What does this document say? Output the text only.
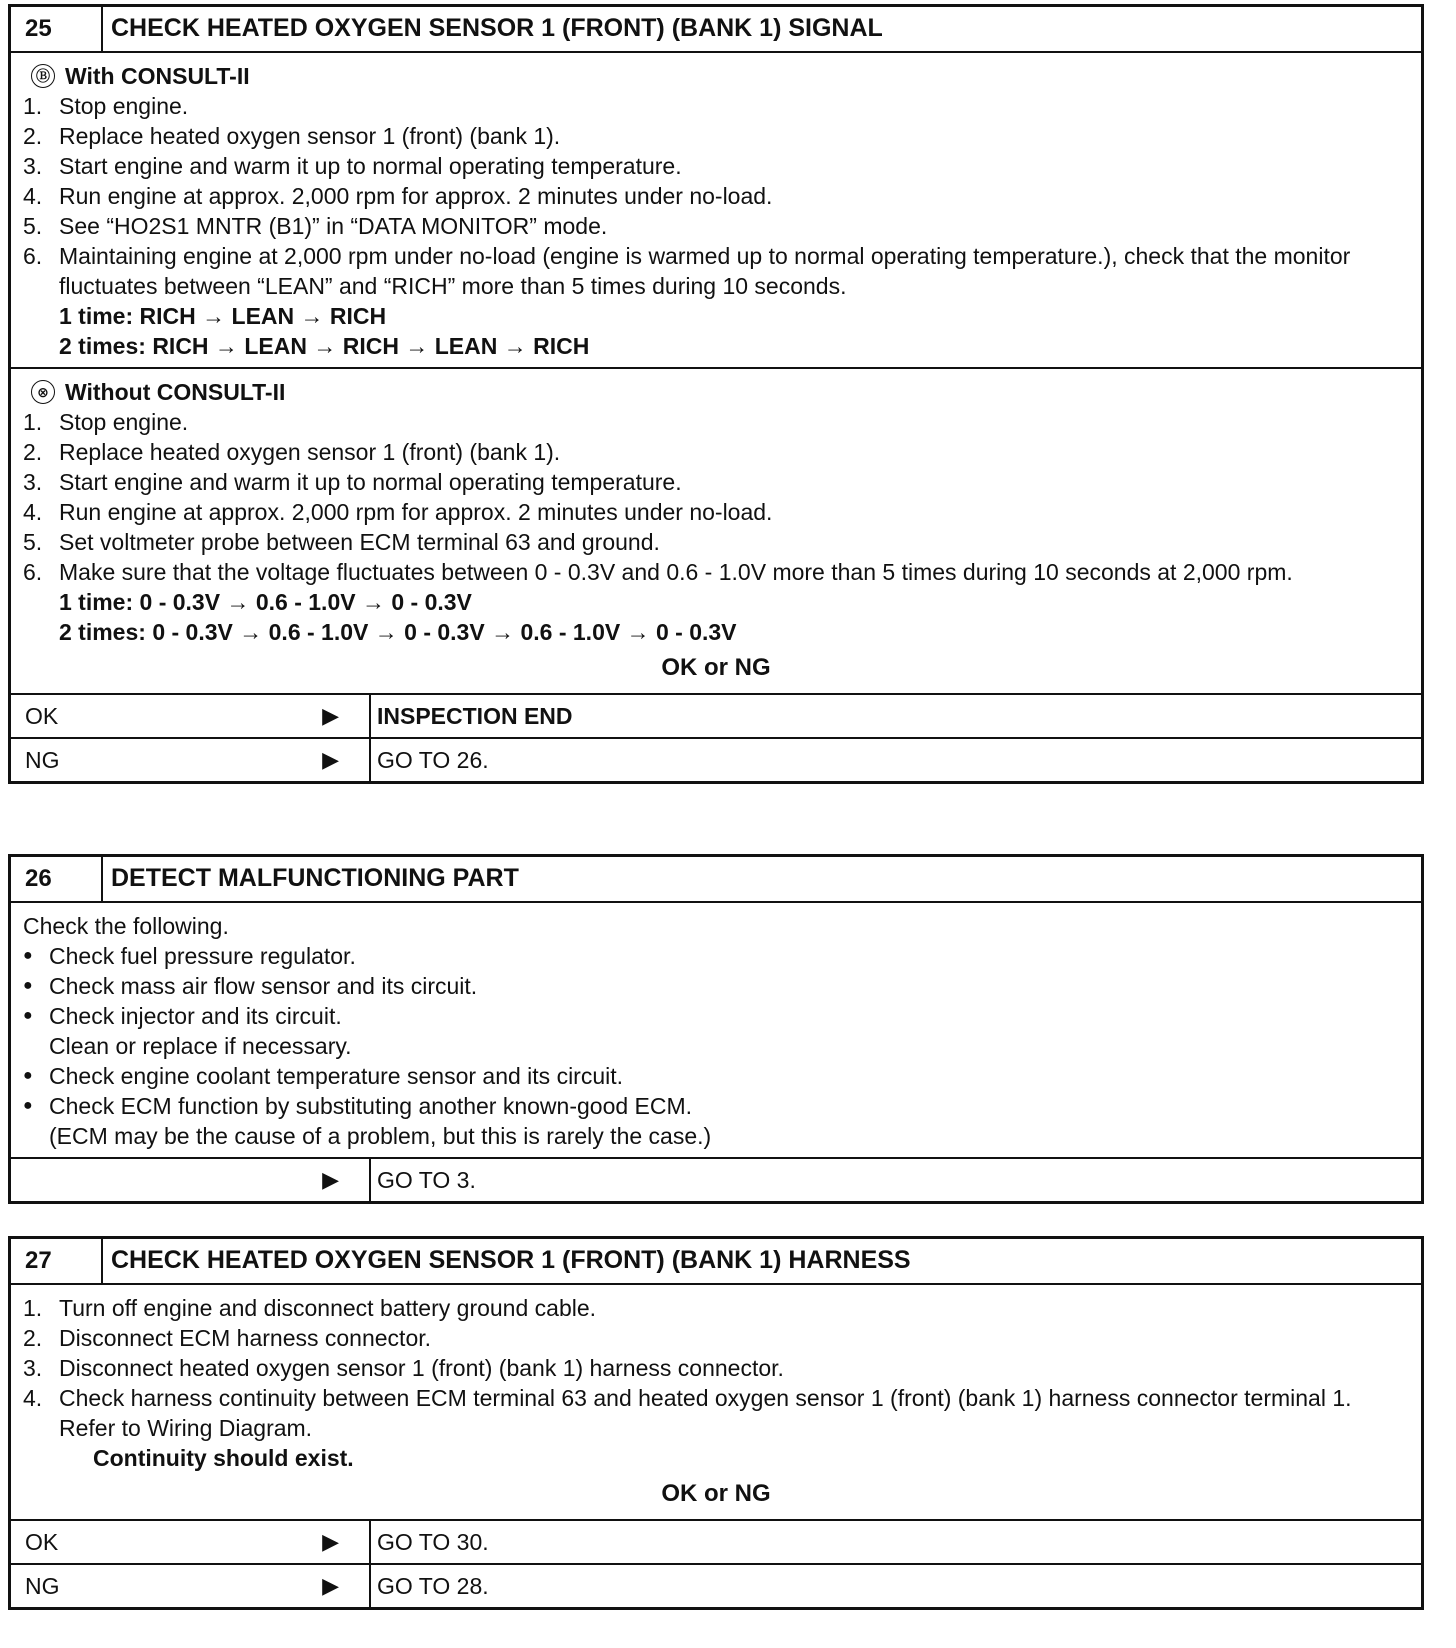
25	CHECK HEATED OXYGEN SENSOR 1 (FRONT) (BANK 1) SIGNAL
Ⓑ With CONSULT-II
1. Stop engine.
2. Replace heated oxygen sensor 1 (front) (bank 1).
3. Start engine and warm it up to normal operating temperature.
4. Run engine at approx. 2,000 rpm for approx. 2 minutes under no-load.
5. See “HO2S1 MNTR (B1)” in “DATA MONITOR” mode.
6. Maintaining engine at 2,000 rpm under no-load (engine is warmed up to normal operating temperature.), check that the monitor fluctuates between “LEAN” and “RICH” more than 5 times during 10 seconds.
1 time: RICH → LEAN → RICH
2 times: RICH → LEAN → RICH → LEAN → RICH
⊗ Without CONSULT-II
1. Stop engine.
2. Replace heated oxygen sensor 1 (front) (bank 1).
3. Start engine and warm it up to normal operating temperature.
4. Run engine at approx. 2,000 rpm for approx. 2 minutes under no-load.
5. Set voltmeter probe between ECM terminal 63 and ground.
6. Make sure that the voltage fluctuates between 0 - 0.3V and 0.6 - 1.0V more than 5 times during 10 seconds at 2,000 rpm.
1 time: 0 - 0.3V → 0.6 - 1.0V → 0 - 0.3V
2 times: 0 - 0.3V → 0.6 - 1.0V → 0 - 0.3V → 0.6 - 1.0V → 0 - 0.3V
OK or NG
OK	▶ INSPECTION END
NG	▶ GO TO 26.
26	DETECT MALFUNCTIONING PART
Check the following.
● Check fuel pressure regulator.
● Check mass air flow sensor and its circuit.
● Check injector and its circuit.
Clean or replace if necessary.
● Check engine coolant temperature sensor and its circuit.
● Check ECM function by substituting another known-good ECM.
(ECM may be the cause of a problem, but this is rarely the case.)
▶ GO TO 3.
27	CHECK HEATED OXYGEN SENSOR 1 (FRONT) (BANK 1) HARNESS
1. Turn off engine and disconnect battery ground cable.
2. Disconnect ECM harness connector.
3. Disconnect heated oxygen sensor 1 (front) (bank 1) harness connector.
4. Check harness continuity between ECM terminal 63 and heated oxygen sensor 1 (front) (bank 1) harness connector terminal 1.
Refer to Wiring Diagram.
Continuity should exist.
OK or NG
OK	▶ GO TO 30.
NG	▶ GO TO 28.
